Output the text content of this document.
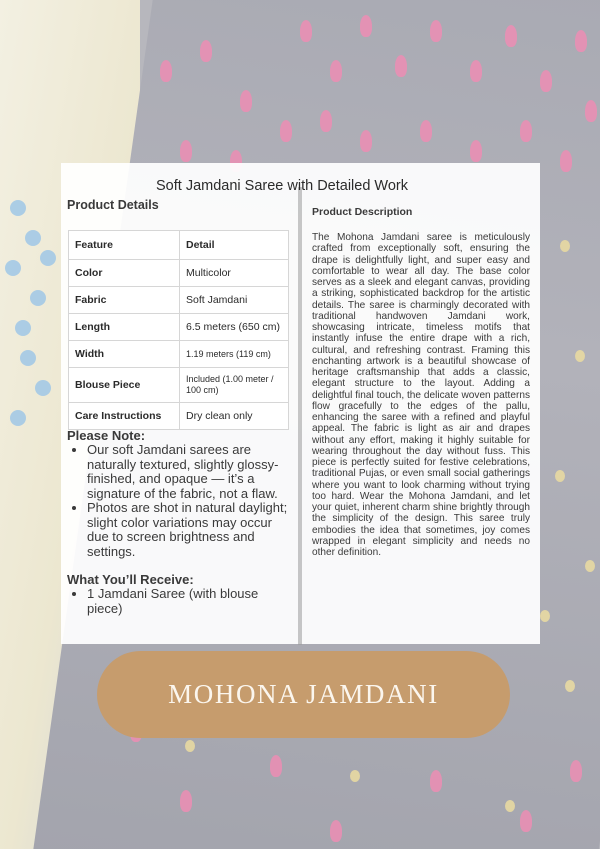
Soft Jamdani Saree with Detailed Work
Product Details
Feature	Detail
Color	Multicolor
Fabric	Soft Jamdani
Length	6.5 meters (650 cm)
Width	1.19 meters (119 cm)
Blouse Piece	Included (1.00 meter / 100 cm)
Care Instructions	Dry clean only
Please Note:
• Our soft Jamdani sarees are naturally textured, slightly glossy-finished, and opaque — it’s a signature of the fabric, not a flaw.
• Photos are shot in natural daylight; slight color variations may occur due to screen brightness and settings.
What You’ll Receive:
• 1 Jamdani Saree (with blouse piece)
Product Description

The Mohona Jamdani saree is meticulously crafted from exceptionally soft, ensuring the drape is delightfully light, and super easy and comfortable to wear all day. The base color serves as a sleek and elegant canvas, providing a striking, sophisticated backdrop for the artistic details. The saree is charmingly decorated with traditional handwoven Jamdani work, showcasing intricate, timeless motifs that instantly infuse the entire drape with a rich, cultural, and refreshing contrast. Framing this enchanting artwork is a beautiful showcase of heritage craftsmanship that adds a classic, elegant structure to the layout. Adding a delightful final touch, the delicate woven patterns flow gracefully to the edges of the pallu, enhancing the saree with a refined and playful appeal. The fabric is light as air and drapes without any effort, making it highly suitable for wearing throughout the day without fuss. This piece is perfectly suited for festive celebrations, traditional Pujas, or even small social gatherings where you want to look charming without trying too hard. Wear the Mohona Jamdani, and let your quiet, inherent charm shine brightly through the simplicity of the design. This saree truly embodies the idea that sometimes, joy comes wrapped in elegant simplicity and needs no other definition.

MOHONA JAMDANI
